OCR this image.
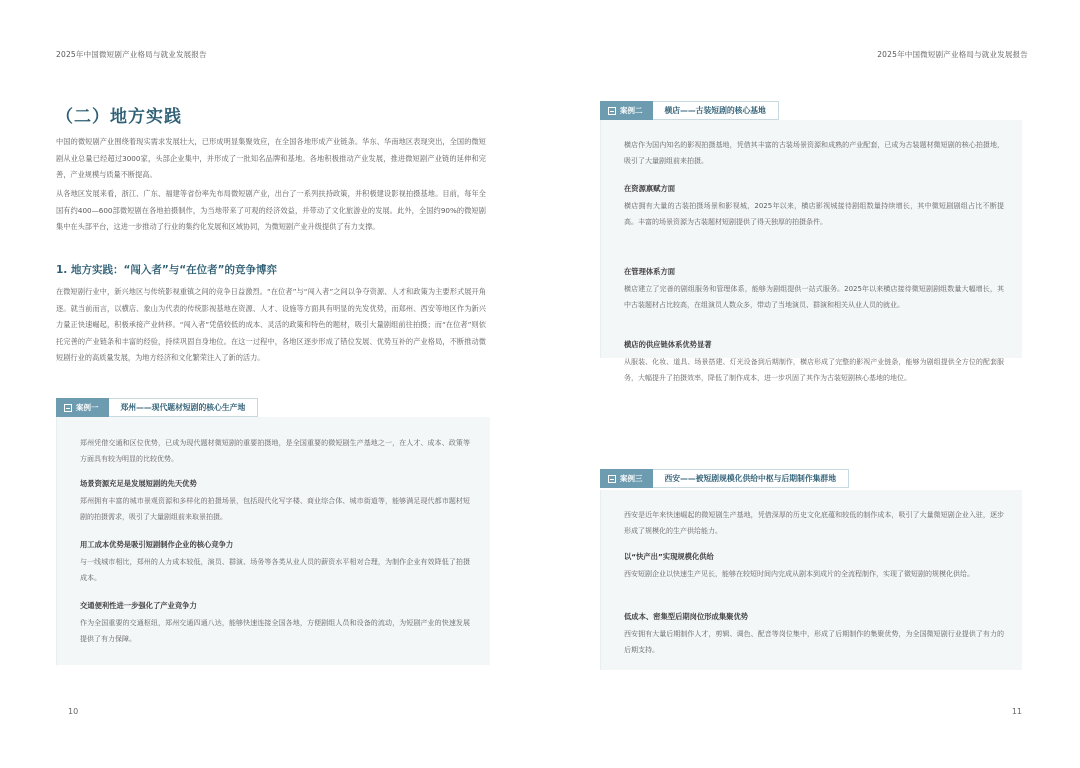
2025年中国微短剧产业格局与就业发展报告
（二）地方实践

中国的微短剧产业围绕着现实需求发展壮大，已形成明显集聚效应，在全国各地形成产业链条。华东、华南地区表现突出，全国的微短剧从业总量已经超过3000家，头部企业集中，并形成了一批知名品牌和基地。各地积极推动产业发展，推进微短剧产业链的延伸和完善，产业规模与质量不断提高。

从各地区发展来看，浙江、广东、福建等省份率先布局微短剧产业，出台了一系列扶持政策，并积极建设影视拍摄基地。目前，每年全国有约400—600部微短剧在各地拍摄制作，为当地带来了可观的经济效益，并带动了文化旅游业的发展。此外，全国约90%的微短剧集中在头部平台，这进一步推动了行业的集约化发展和区域协同，为微短剧产业升级提供了有力支撑。

1. 地方实践：“闯入者”与“在位者”的竞争博弈

在微短剧行业中，新兴地区与传统影视重镇之间的竞争日益激烈。“在位者”与“闯入者”之间以争夺资源、人才和政策为主要形式展开角逐。就当前而言，以横店、象山为代表的传统影视基地在资源、人才、设施等方面具有明显的先发优势，而郑州、西安等地区作为新兴力量正快速崛起，积极承接产业转移。“闯入者”凭借较低的成本、灵活的政策和特色的题材，吸引大量剧组前往拍摄；而“在位者”则依托完善的产业链条和丰富的经验，持续巩固自身地位。在这一过程中，各地区逐步形成了错位发展、优势互补的产业格局，不断推动微短剧行业的高质量发展，为地方经济和文化繁荣注入了新的活力。

案例一	郑州——现代题材短剧的核心生产地

郑州凭借交通和区位优势，已成为现代题材微短剧的重要拍摄地，是全国重要的微短剧生产基地之一，在人才、成本、政策等方面具有较为明显的比较优势。

场景资源充足是发展短剧的先天优势

郑州拥有丰富的城市景观资源和多样化的拍摄场景，包括现代化写字楼、商业综合体、城市街道等，能够满足现代都市题材短剧的拍摄需求，吸引了大量剧组前来取景拍摄。

用工成本优势是吸引短剧制作企业的核心竞争力

与一线城市相比，郑州的人力成本较低，演员、群演、场务等各类从业人员的薪资水平相对合理，为制作企业有效降低了拍摄成本。

交通便利性进一步强化了产业竞争力

作为全国重要的交通枢纽，郑州交通四通八达，能够快速连接全国各地，方便剧组人员和设备的流动，为短剧产业的快速发展提供了有力保障。

10
2025年中国微短剧产业格局与就业发展报告
案例二	横店——古装短剧的核心基地

横店作为国内知名的影视拍摄基地，凭借其丰富的古装场景资源和成熟的产业配套，已成为古装题材微短剧的核心拍摄地，吸引了大量剧组前来拍摄。

在资源禀赋方面

横店拥有大量的古装拍摄场景和影视城，2025年以来，横店影视城接待剧组数量持续增长，其中微短剧剧组占比不断提高。丰富的场景资源为古装题材短剧提供了得天独厚的拍摄条件。

在管理体系方面

横店建立了完善的剧组服务和管理体系，能够为剧组提供一站式服务。2025年以来横店接待微短剧剧组数量大幅增长，其中古装题材占比较高，在组演员人数众多，带动了当地演员、群演和相关从业人员的就业。

横店的供应链体系优势显著

从服装、化妆、道具、场景搭建、灯光设备到后期制作，横店形成了完整的影视产业链条，能够为剧组提供全方位的配套服务，大幅提升了拍摄效率，降低了制作成本，进一步巩固了其作为古装短剧核心基地的地位。

案例三	西安——被短剧规模化供给中枢与后期制作集群地

西安是近年来快速崛起的微短剧生产基地，凭借深厚的历史文化底蕴和较低的制作成本，吸引了大量微短剧企业入驻，逐步形成了规模化的生产供给能力。

以“快产出”实现规模化供给

西安短剧企业以快速生产见长，能够在较短时间内完成从剧本到成片的全流程制作，实现了微短剧的规模化供给。

低成本、密集型后期岗位形成集聚优势

西安拥有大量后期制作人才，剪辑、调色、配音等岗位集中，形成了后期制作的集聚优势，为全国微短剧行业提供了有力的后期支持。

11
